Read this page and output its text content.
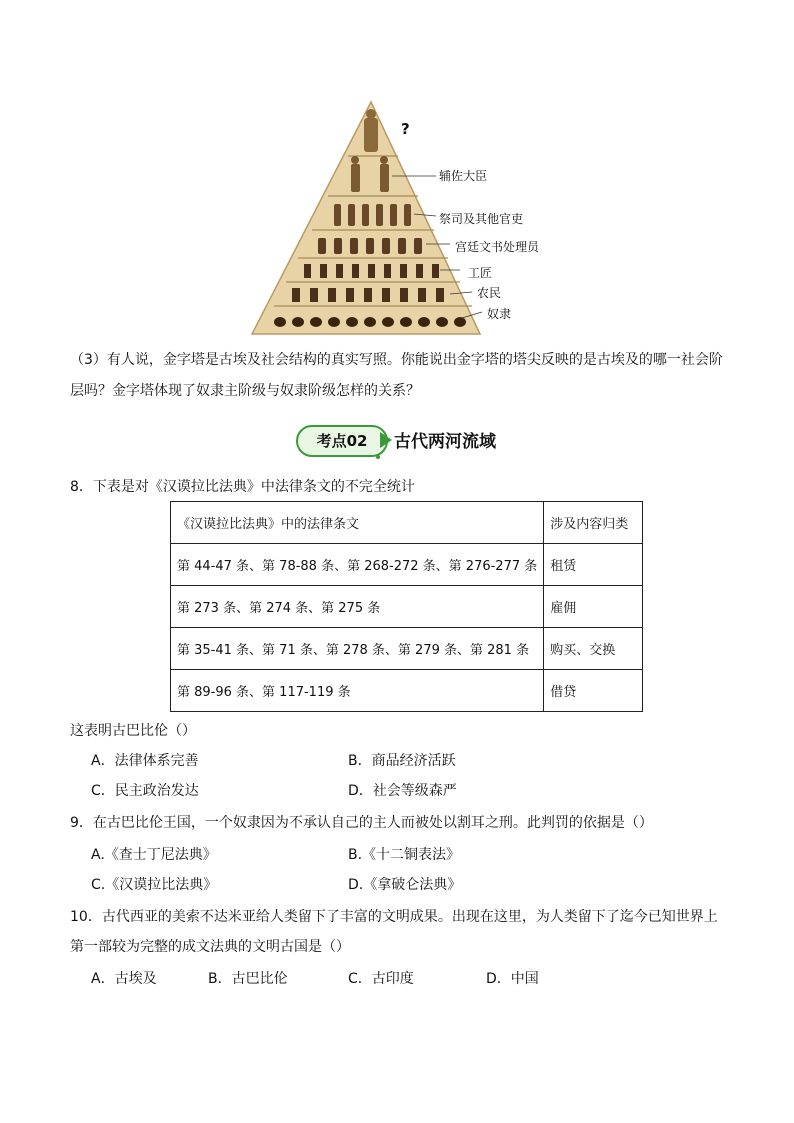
?
辅佐大臣
祭司及其他官吏
宫廷文书处理员
工匠
农民
奴隶
（3）有人说，金字塔是古埃及社会结构的真实写照。你能说出金字塔的塔尖反映的是古埃及的哪一社会阶
层吗？金字塔体现了奴隶主阶级与奴隶阶级怎样的关系？
考点02	古代两河流域
8．下表是对《汉谟拉比法典》中法律条文的不完全统计
《汉谟拉比法典》中的法律条文	涉及内容归类
第 44-47 条、第 78-88 条、第 268-272 条、第 276-277 条	租赁
第 273 条、第 274 条、第 275 条	雇佣
第 35-41 条、第 71 条、第 278 条、第 279 条、第 281 条	购买、交换
第 89-96 条、第 117-119 条	借贷
这表明古巴比伦（）
A．法律体系完善	B．商品经济活跃
C．民主政治发达	D．社会等级森严
9．在古巴比伦王国，一个奴隶因为不承认自己的主人而被处以割耳之刑。此判罚的依据是（）
A.《查士丁尼法典》	B.《十二铜表法》
C.《汉谟拉比法典》	D.《拿破仑法典》
10．古代西亚的美索不达米亚给人类留下了丰富的文明成果。出现在这里，为人类留下了迄今已知世界上
第一部较为完整的成文法典的文明古国是（）
A．古埃及	B．古巴比伦	C．古印度	D．中国
